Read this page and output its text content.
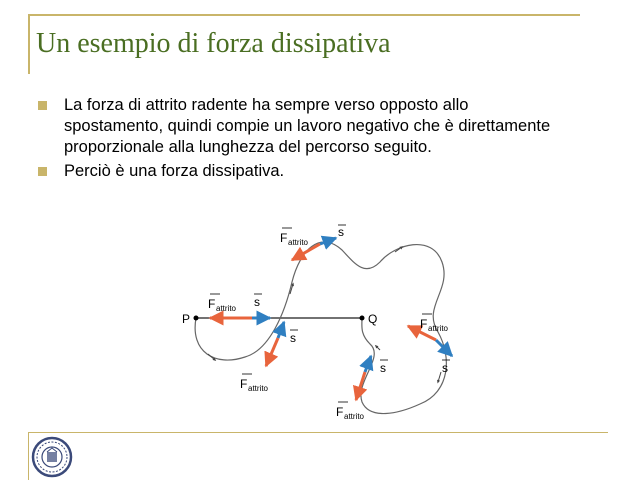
Un esempio di forza dissipativa
La forza di attrito radente ha sempre verso opposto allo spostamento, quindi compie un lavoro negativo che è direttamente proporzionale alla lunghezza del percorso seguito.
Perciò è una forza dissipativa.
P	Q
F attrito
F attrito
F attrito
F attrito
F attrito
s
s
s
s	s
